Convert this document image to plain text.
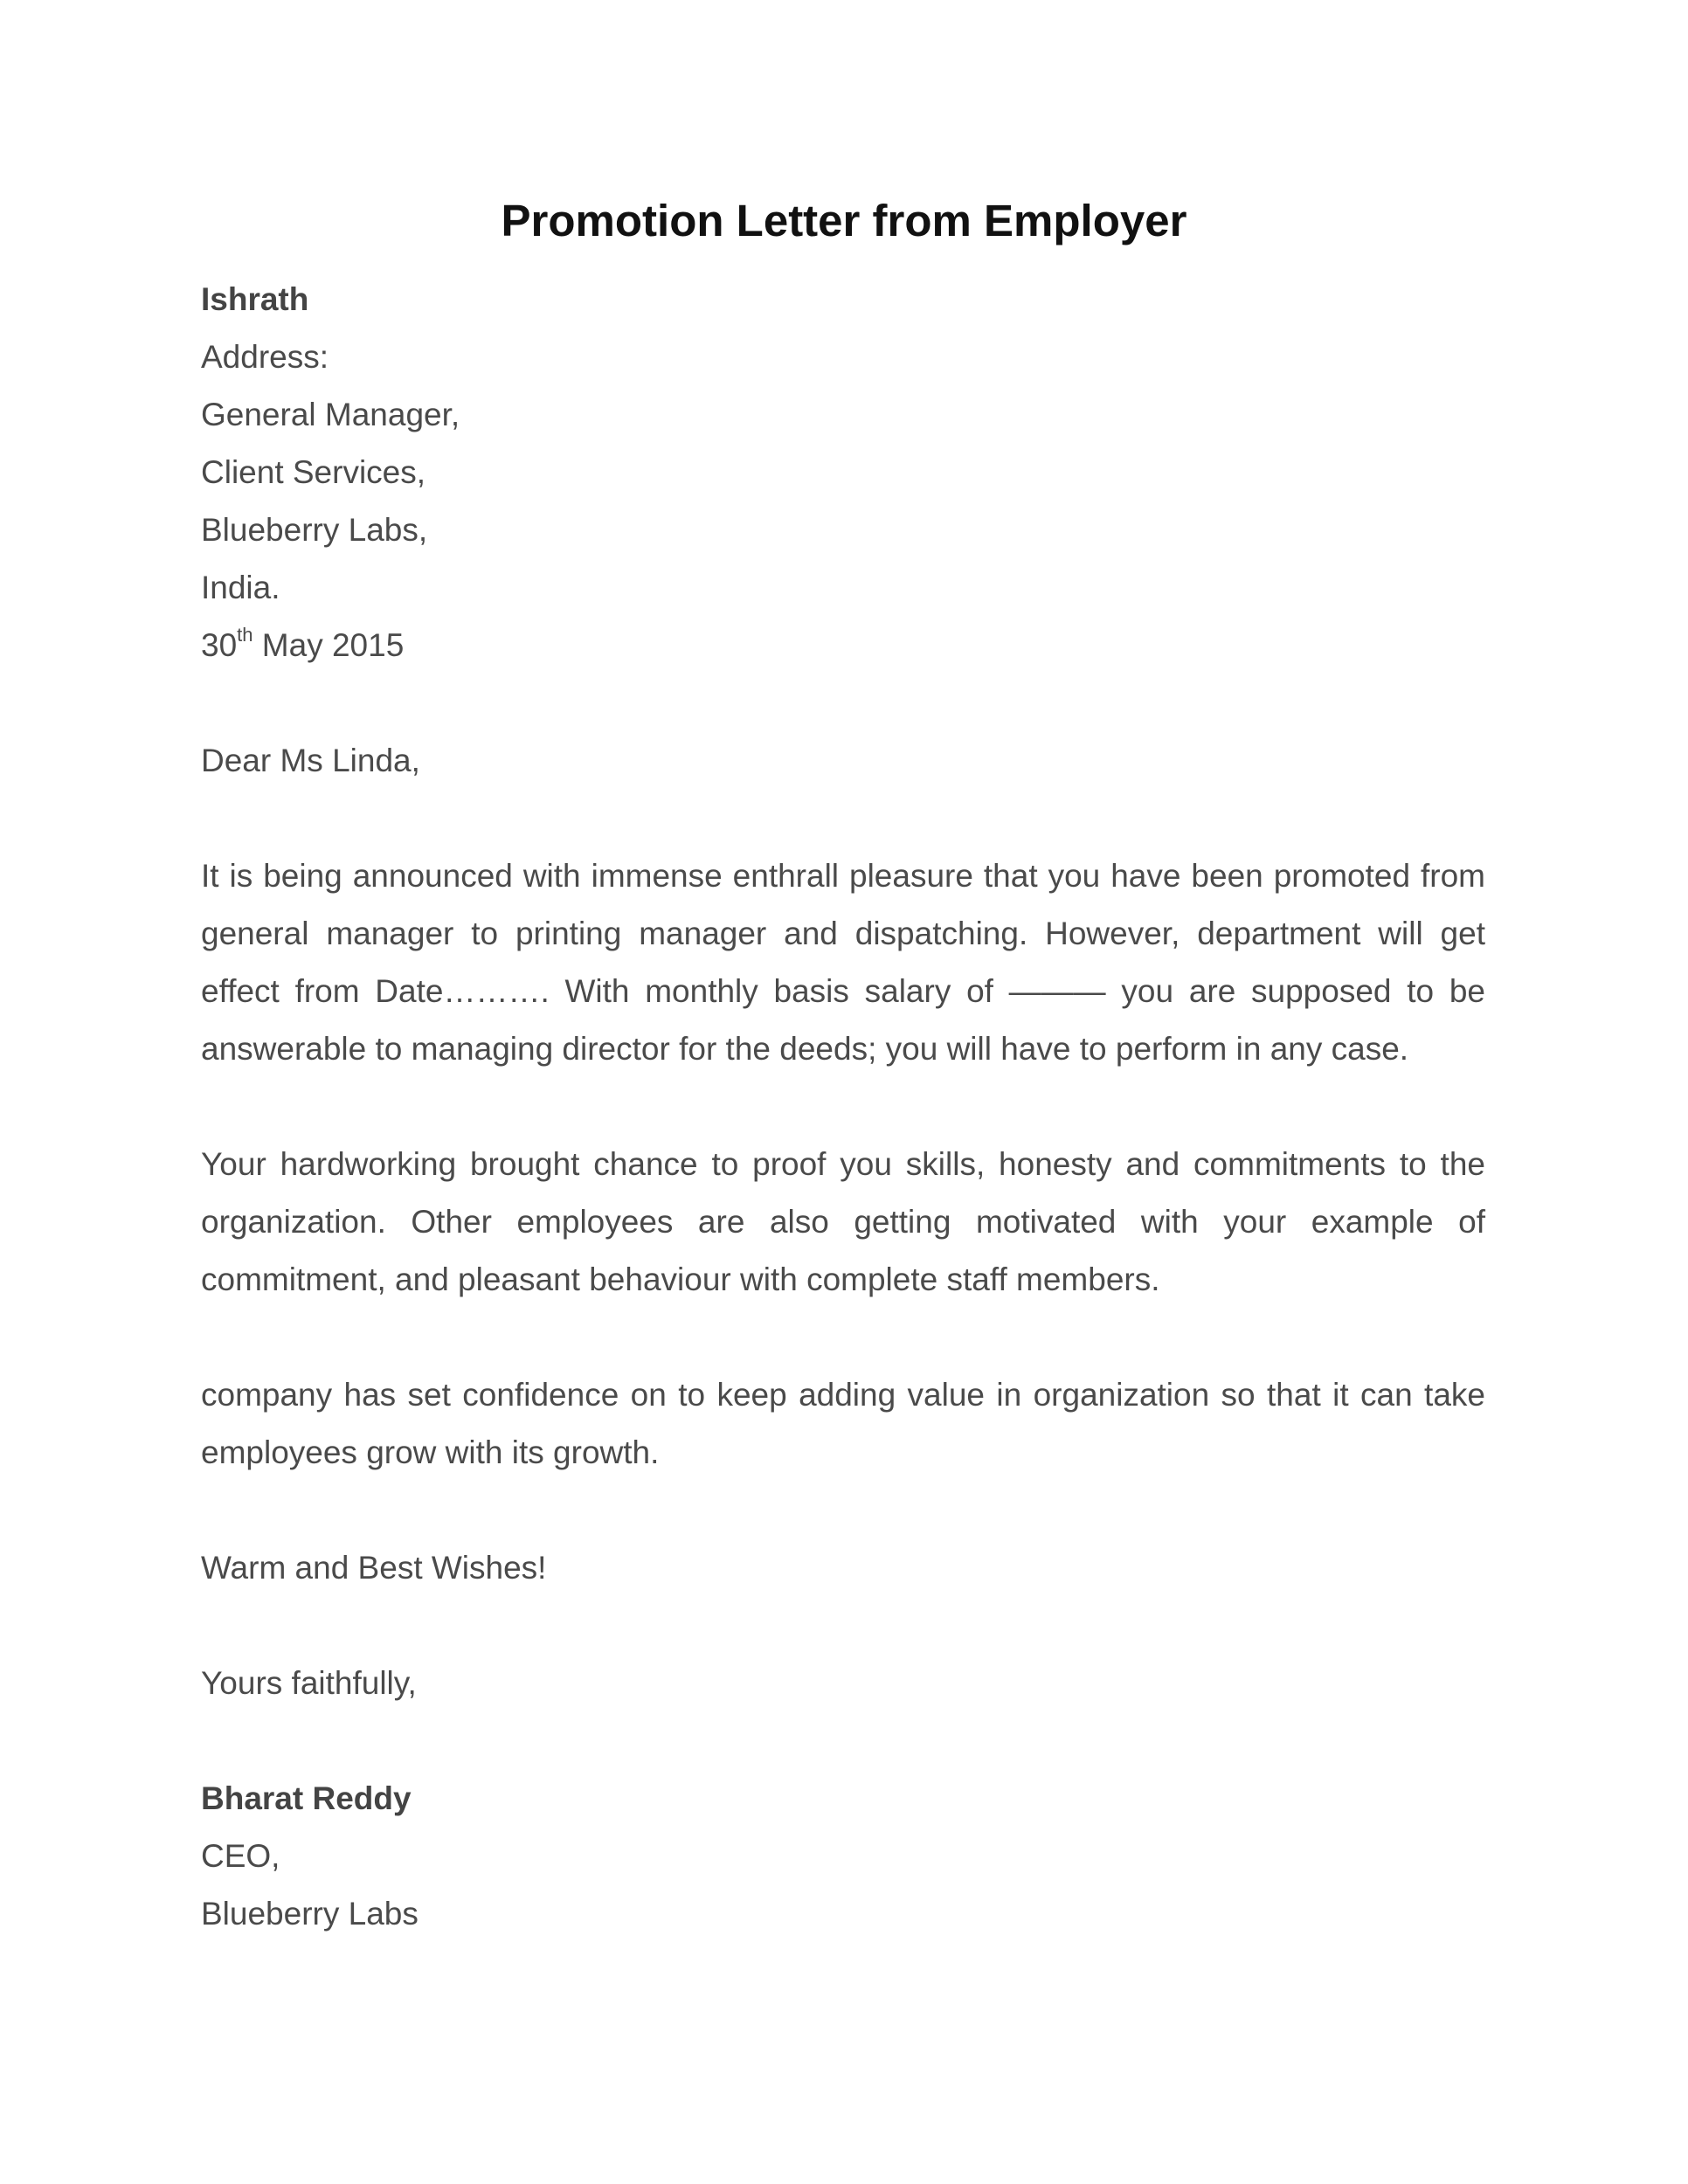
Promotion Letter from Employer
Ishrath
Address:
General Manager,
Client Services,
Blueberry Labs,
India.
30th May 2015
Dear Ms Linda,

It is being announced with immense enthrall pleasure that you have been promoted from general manager to printing manager and dispatching. However, department will get effect from Date………. With monthly basis salary of ——— you are supposed to be answerable to managing director for the deeds; you will have to perform in any case.

Your hardworking brought chance to proof you skills, honesty and commitments to the organization. Other employees are also getting motivated with your example of commitment, and pleasant behaviour with complete staff members.

company has set confidence on to keep adding value in organization so that it can take employees grow with its growth.

Warm and Best Wishes!
Yours faithfully,
Bharat Reddy
CEO,
Blueberry Labs
